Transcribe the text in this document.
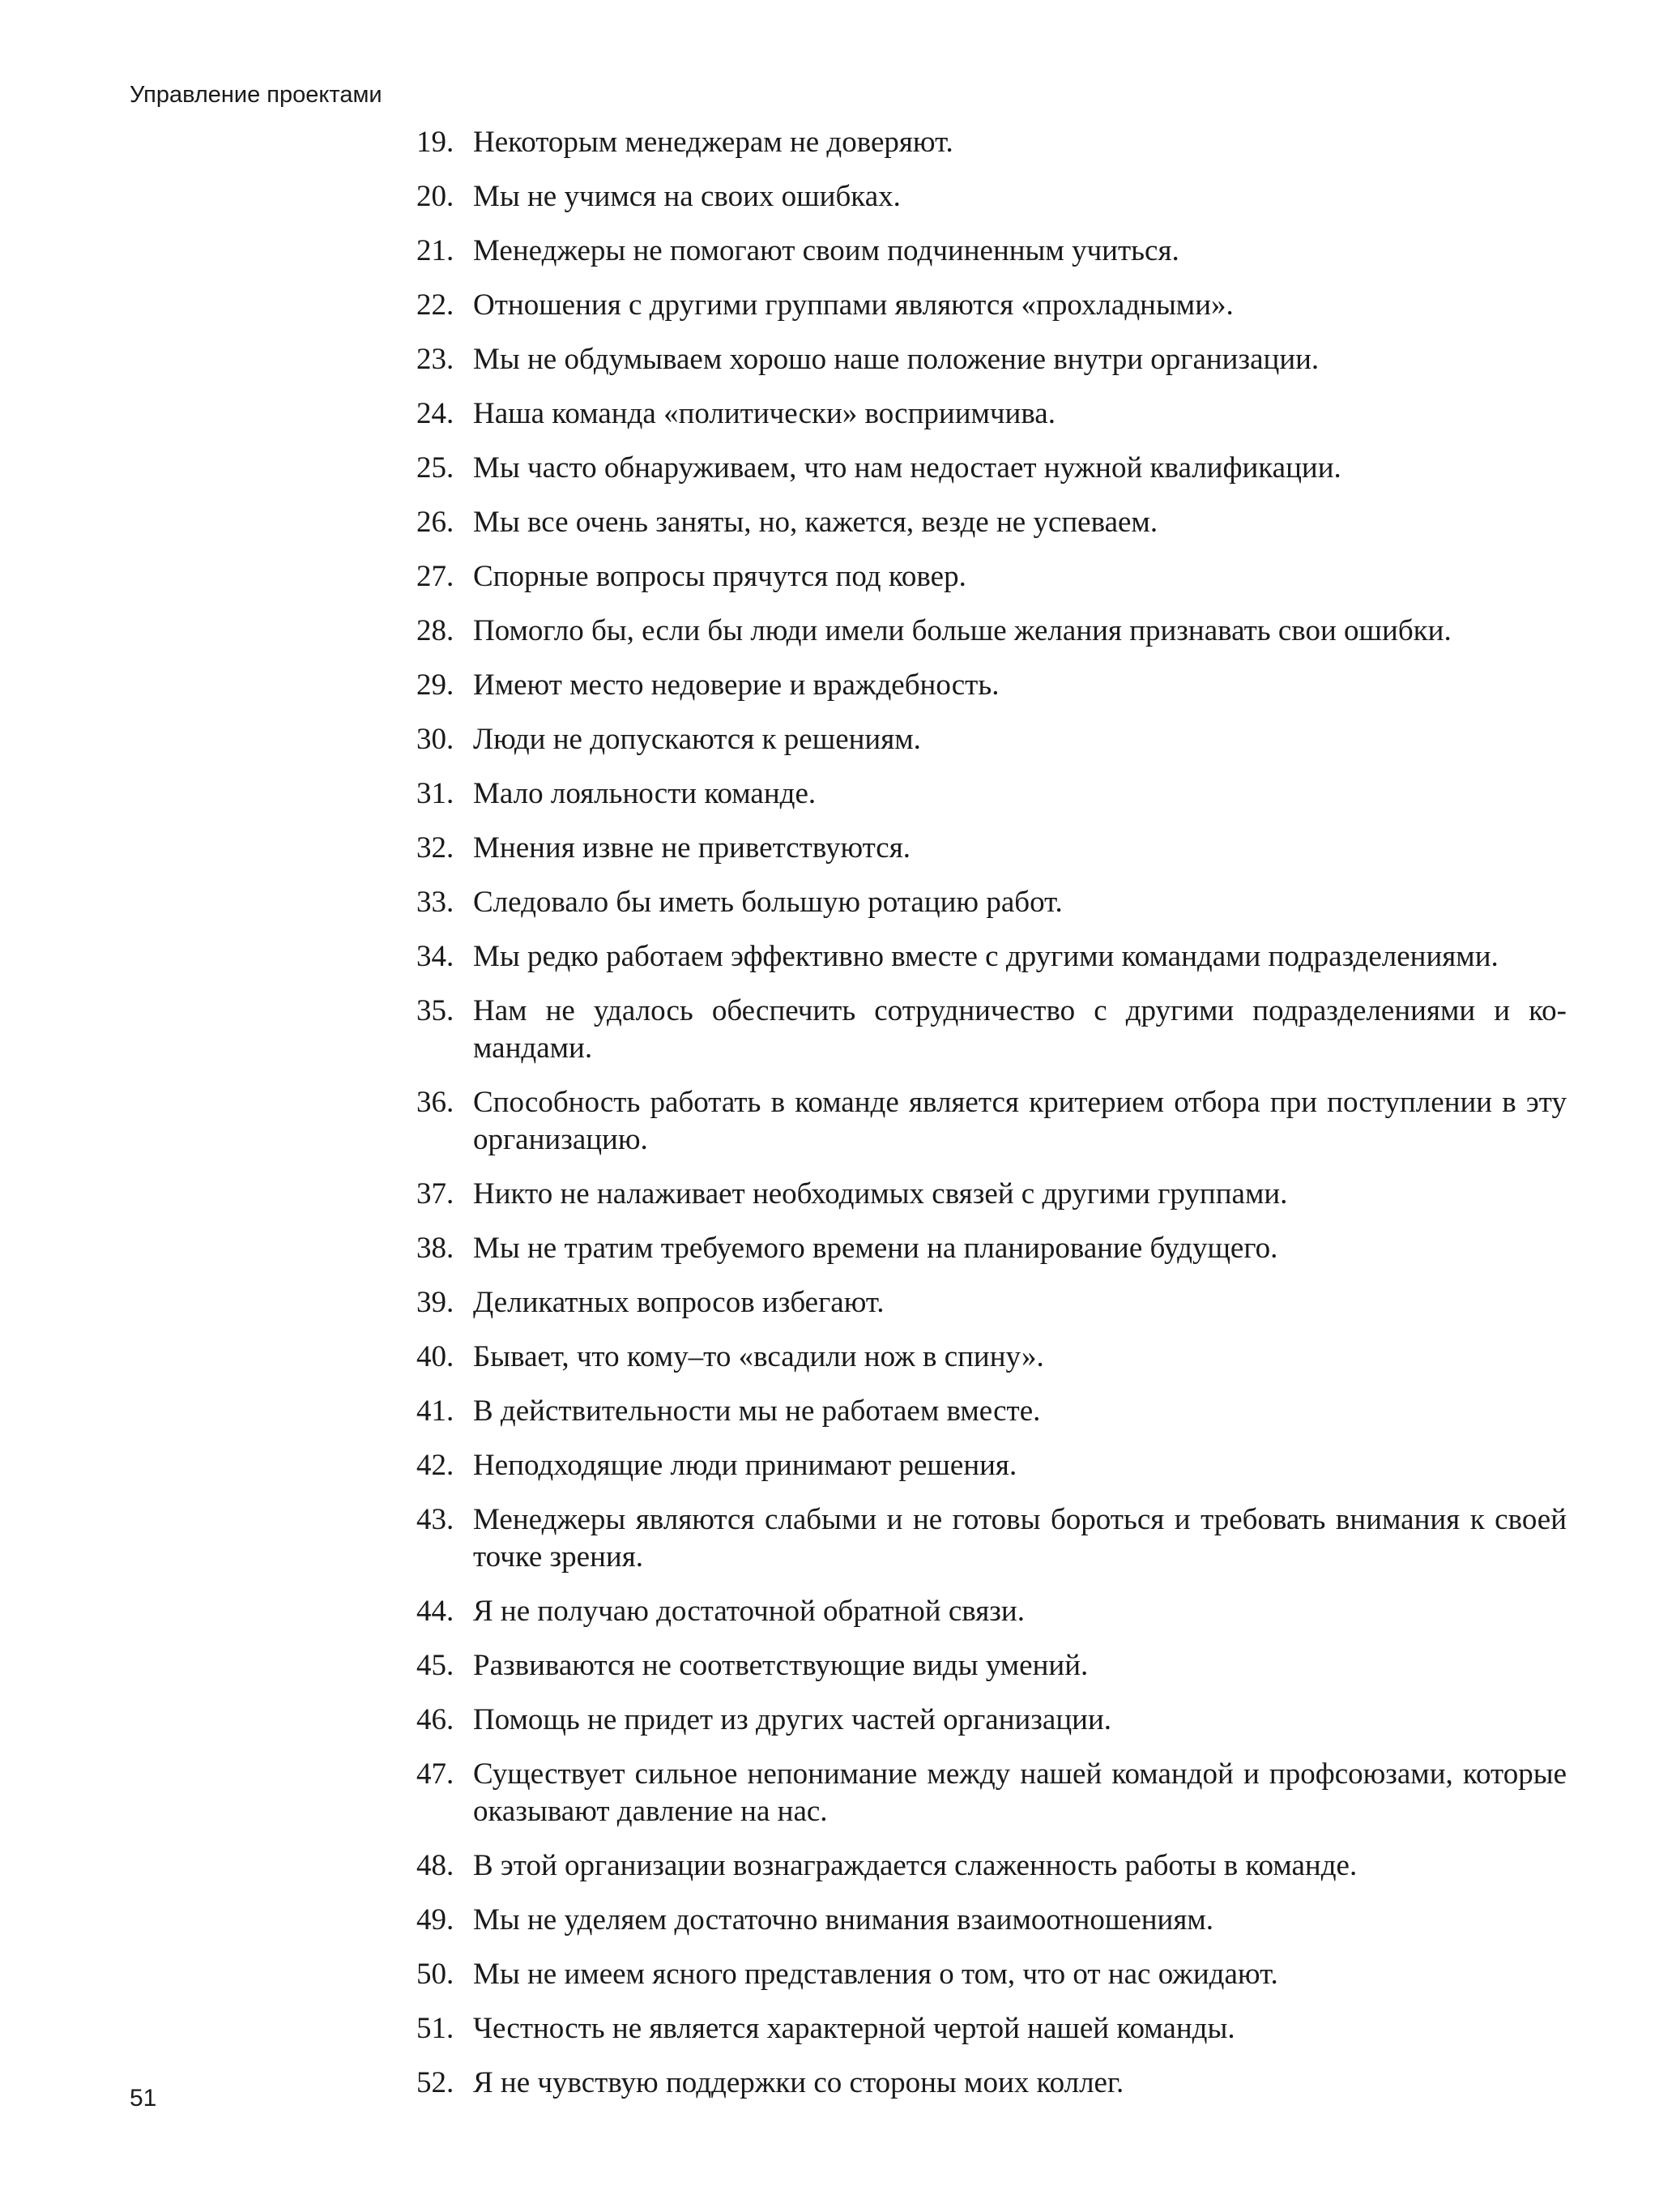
Управление проектами
19. Некоторым менеджерам не доверяют.
20. Мы не учимся на своих ошибках.
21. Менеджеры не помогают своим подчиненным учиться.
22. Отношения с другими группами являются «прохладными».
23. Мы не обдумываем хорошо наше положение внутри организации.
24. Наша команда «политически» восприимчива.
25. Мы часто обнаруживаем, что нам недостает нужной квалификации.
26. Мы все очень заняты, но, кажется, везде не успеваем.
27. Спорные вопросы прячутся под ковер.
28. Помогло бы, если бы люди имели больше желания признавать свои ошибки.
29. Имеют место недоверие и враждебность.
30. Люди не допускаются к решениям.
31. Мало лояльности команде.
32. Мнения извне не приветствуются.
33. Следовало бы иметь большую ротацию работ.
34. Мы редко работаем эффективно вместе с другими командами подразделениями.
35. Нам не удалось обеспечить сотрудничество с другими подразделениями и командами.
36. Способность работать в команде является критерием отбора при поступлении в эту организацию.
37. Никто не налаживает необходимых связей с другими группами.
38. Мы не тратим требуемого времени на планирование будущего.
39. Деликатных вопросов избегают.
40. Бывает, что кому–то «всадили нож в спину».
41. В действительности мы не работаем вместе.
42. Неподходящие люди принимают решения.
43. Менеджеры являются слабыми и не готовы бороться и требовать внимания к своей точке зрения.
44. Я не получаю достаточной обратной связи.
45. Развиваются не соответствующие виды умений.
46. Помощь не придет из других частей организации.
47. Существует сильное непонимание между нашей командой и профсоюзами, которые оказывают давление на нас.
48. В этой организации вознаграждается слаженность работы в команде.
49. Мы не уделяем достаточно внимания взаимоотношениям.
50. Мы не имеем ясного представления о том, что от нас ожидают.
51. Честность не является характерной чертой нашей команды.
52. Я не чувствую поддержки со стороны моих коллег.
51
